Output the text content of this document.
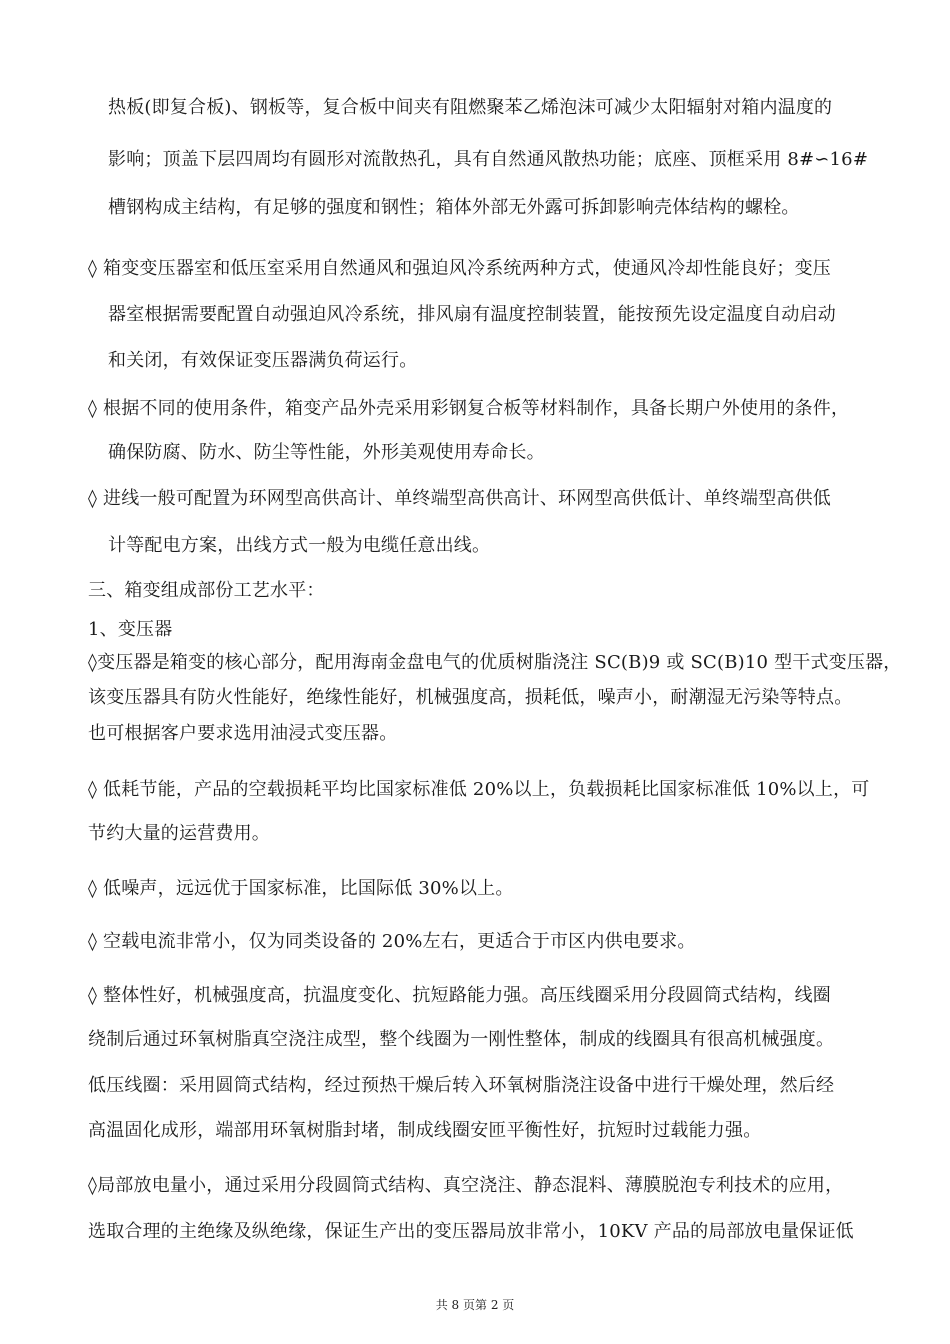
热板(即复合板)、钢板等，复合板中间夹有阻燃聚苯乙烯泡沫可减少太阳辐射对箱内温度的
影响；顶盖下层四周均有圆形对流散热孔，具有自然通风散热功能；底座、顶框采用 8#∽16#
槽钢构成主结构，有足够的强度和钢性；箱体外部无外露可拆卸影响壳体结构的螺栓。
◊ 箱变变压器室和低压室采用自然通风和强迫风冷系统两种方式，使通风冷却性能良好；变压
器室根据需要配置自动强迫风冷系统，排风扇有温度控制装置，能按预先设定温度自动启动
和关闭，有效保证变压器满负荷运行。
◊ 根据不同的使用条件，箱变产品外壳采用彩钢复合板等材料制作，具备长期户外使用的条件，
确保防腐、防水、防尘等性能，外形美观使用寿命长。
◊ 进线一般可配置为环网型高供高计、单终端型高供高计、环网型高供低计、单终端型高供低
计等配电方案，出线方式一般为电缆任意出线。
三、箱变组成部份工艺水平：
1、变压器
◊变压器是箱变的核心部分，配用海南金盘电气的优质树脂浇注 SC(B)9 或 SC(B)10 型干式变压器，
该变压器具有防火性能好，绝缘性能好，机械强度高，损耗低，噪声小，耐潮湿无污染等特点。
也可根据客户要求选用油浸式变压器。
◊ 低耗节能，产品的空载损耗平均比国家标准低 20%以上，负载损耗比国家标准低 10%以上，可
节约大量的运营费用。
◊ 低噪声，远远优于国家标准，比国际低 30%以上。
◊ 空载电流非常小，仅为同类设备的 20%左右，更适合于市区内供电要求。
◊ 整体性好，机械强度高，抗温度变化、抗短路能力强。高压线圈采用分段圆筒式结构，线圈
绕制后通过环氧树脂真空浇注成型，整个线圈为一刚性整体，制成的线圈具有很高机械强度。
低压线圈：采用圆筒式结构，经过预热干燥后转入环氧树脂浇注设备中进行干燥处理，然后经
高温固化成形，端部用环氧树脂封堵，制成线圈安匝平衡性好，抗短时过载能力强。
◊局部放电量小，通过采用分段圆筒式结构、真空浇注、静态混料、薄膜脱泡专利技术的应用，
选取合理的主绝缘及纵绝缘，保证生产出的变压器局放非常小，10KV 产品的局部放电量保证低
共 8 页第 2 页
